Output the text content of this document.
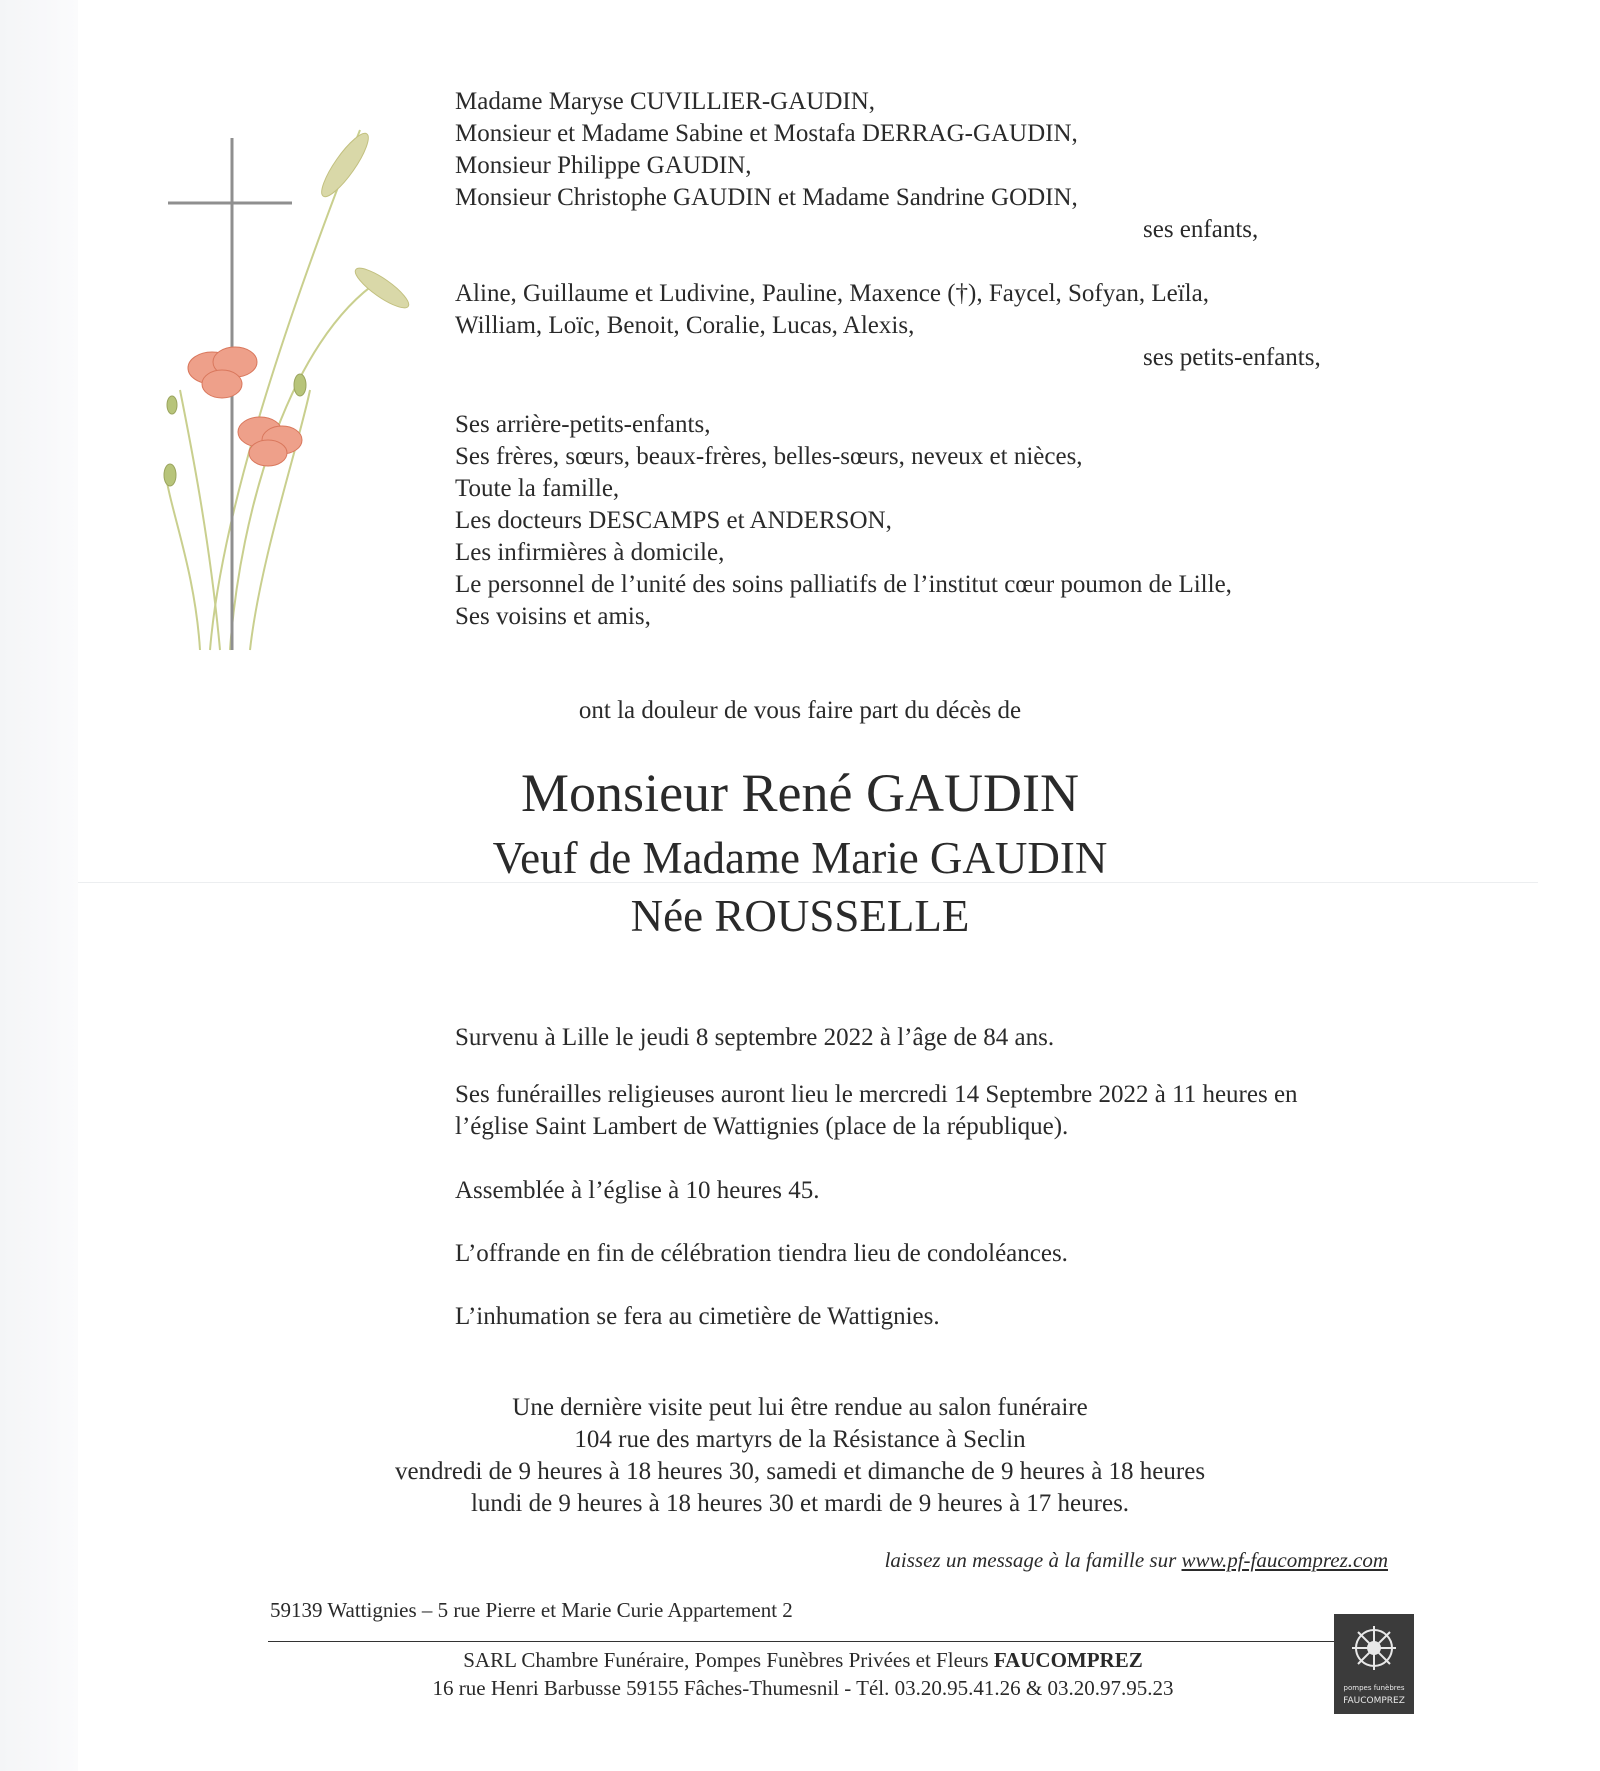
Madame Maryse CUVILLIER-GAUDIN,
Monsieur et Madame Sabine et Mostafa DERRAG-GAUDIN,
Monsieur Philippe GAUDIN,
Monsieur Christophe GAUDIN et Madame Sandrine GODIN,
ses enfants,
Aline, Guillaume et Ludivine, Pauline, Maxence (†), Faycel, Sofyan, Leïla,
William, Loïc, Benoit, Coralie, Lucas, Alexis,
ses petits-enfants,
Ses arrière-petits-enfants,
Ses frères, sœurs, beaux-frères, belles-sœurs, neveux et nièces,
Toute la famille,
Les docteurs DESCAMPS et ANDERSON,
Les infirmières à domicile,
Le personnel de l’unité des soins palliatifs de l’institut cœur poumon de Lille,
Ses voisins et amis,
ont la douleur de vous faire part du décès de
Monsieur René GAUDIN
Veuf de Madame Marie GAUDIN
Née ROUSSELLE
Survenu à Lille le jeudi 8 septembre 2022 à l’âge de 84 ans.
Ses funérailles religieuses auront lieu le mercredi 14 Septembre 2022 à 11 heures en
l’église Saint Lambert de Wattignies (place de la république).
Assemblée à l’église à 10 heures 45.
L’offrande en fin de célébration tiendra lieu de condoléances.
L’inhumation se fera au cimetière de Wattignies.
Une dernière visite peut lui être rendue au salon funéraire
104 rue des martyrs de la Résistance à Seclin
vendredi de 9 heures à 18 heures 30, samedi et dimanche de 9 heures à 18 heures
lundi de 9 heures à 18 heures 30 et mardi de 9 heures à 17 heures.
laissez un message à la famille sur www.pf-faucomprez.com
59139 Wattignies – 5 rue Pierre et Marie Curie Appartement 2
SARL Chambre Funéraire, Pompes Funèbres Privées et Fleurs FAUCOMPREZ
16 rue Henri Barbusse 59155 Fâches-Thumesnil - Tél. 03.20.95.41.26 & 03.20.97.95.23	pompes funèbres
FAUCOMPREZ
